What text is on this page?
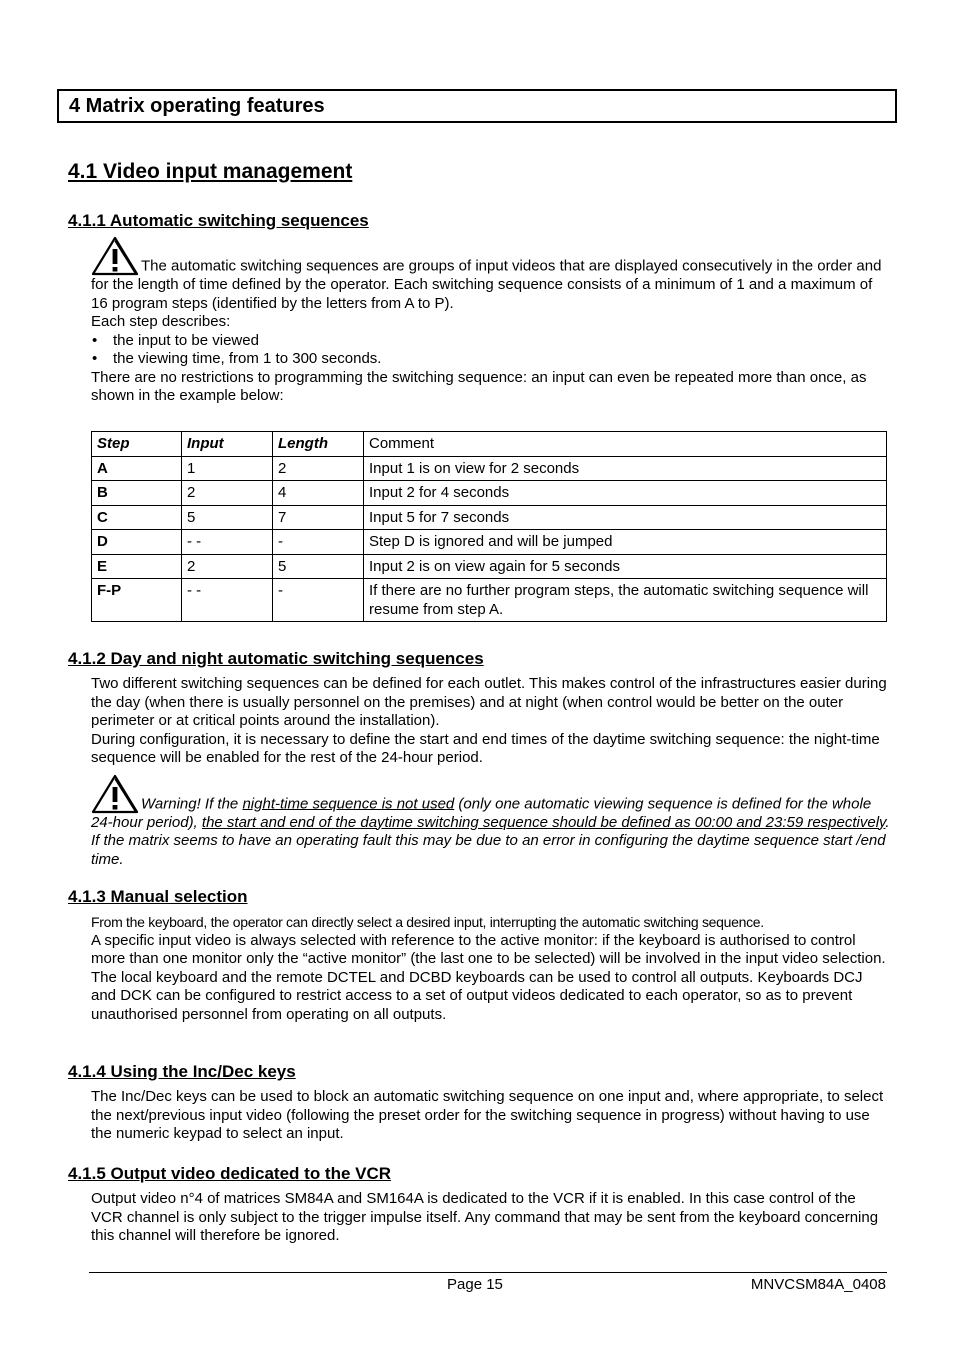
4 Matrix operating features
4.1 Video input management
4.1.1 Automatic switching sequences

The automatic switching sequences are groups of input videos that are displayed consecutively in the order and for the length of time defined by the operator. Each switching sequence consists of a minimum of 1 and a maximum of 16 program steps (identified by the letters from A to P).

Each step describes:

• the input to be viewed
• the viewing time, from 1 to 300 seconds.

There are no restrictions to programming the switching sequence: an input can even be repeated more than once, as shown in the example below:

Step	Input	Length	Comment
A	1	2	Input 1 is on view for 2 seconds
B	2	4	Input 2 for 4 seconds
C	5	7	Input 5 for 7 seconds
D	- -	-	Step D is ignored and will be jumped
E	2	5	Input 2 is on view again for 5 seconds
F-P	- -	-	If there are no further program steps, the automatic switching sequence will resume from step A.
4.1.2 Day and night automatic switching sequences

Two different switching sequences can be defined for each outlet. This makes control of the infrastructures easier during the day (when there is usually personnel on the premises) and at night (when control would be better on the outer perimeter or at critical points around the installation).

During configuration, it is necessary to define the start and end times of the daytime switching sequence: the night-time sequence will be enabled for the rest of the 24-hour period.

Warning! If the night-time sequence is not used (only one automatic viewing sequence is defined for the whole 24-hour period), the start and end of the daytime switching sequence should be defined as 00:00 and 23:59 respectively. If the matrix seems to have an operating fault this may be due to an error in configuring the daytime sequence start /end time.

4.1.3 Manual selection

From the keyboard, the operator can directly select a desired input, interrupting the automatic switching sequence.

A specific input video is always selected with reference to the active monitor: if the keyboard is authorised to control more than one monitor only the “active monitor” (the last one to be selected) will be involved in the input video selection.

The local keyboard and the remote DCTEL and DCBD keyboards can be used to control all outputs. Keyboards DCJ and DCK can be configured to restrict access to a set of output videos dedicated to each operator, so as to prevent unauthorised personnel from operating on all outputs.

4.1.4 Using the Inc/Dec keys

The Inc/Dec keys can be used to block an automatic switching sequence on one input and, where appropriate, to select the next/previous input video (following the preset order for the switching sequence in progress) without having to use the numeric keypad to select an input.

4.1.5 Output video dedicated to the VCR

Output video n°4 of matrices SM84A and SM164A is dedicated to the VCR if it is enabled. In this case control of the VCR channel is only subject to the trigger impulse itself. Any command that may be sent from the keyboard concerning this channel will therefore be ignored.

Page 15	MNVCSM84A_0408
